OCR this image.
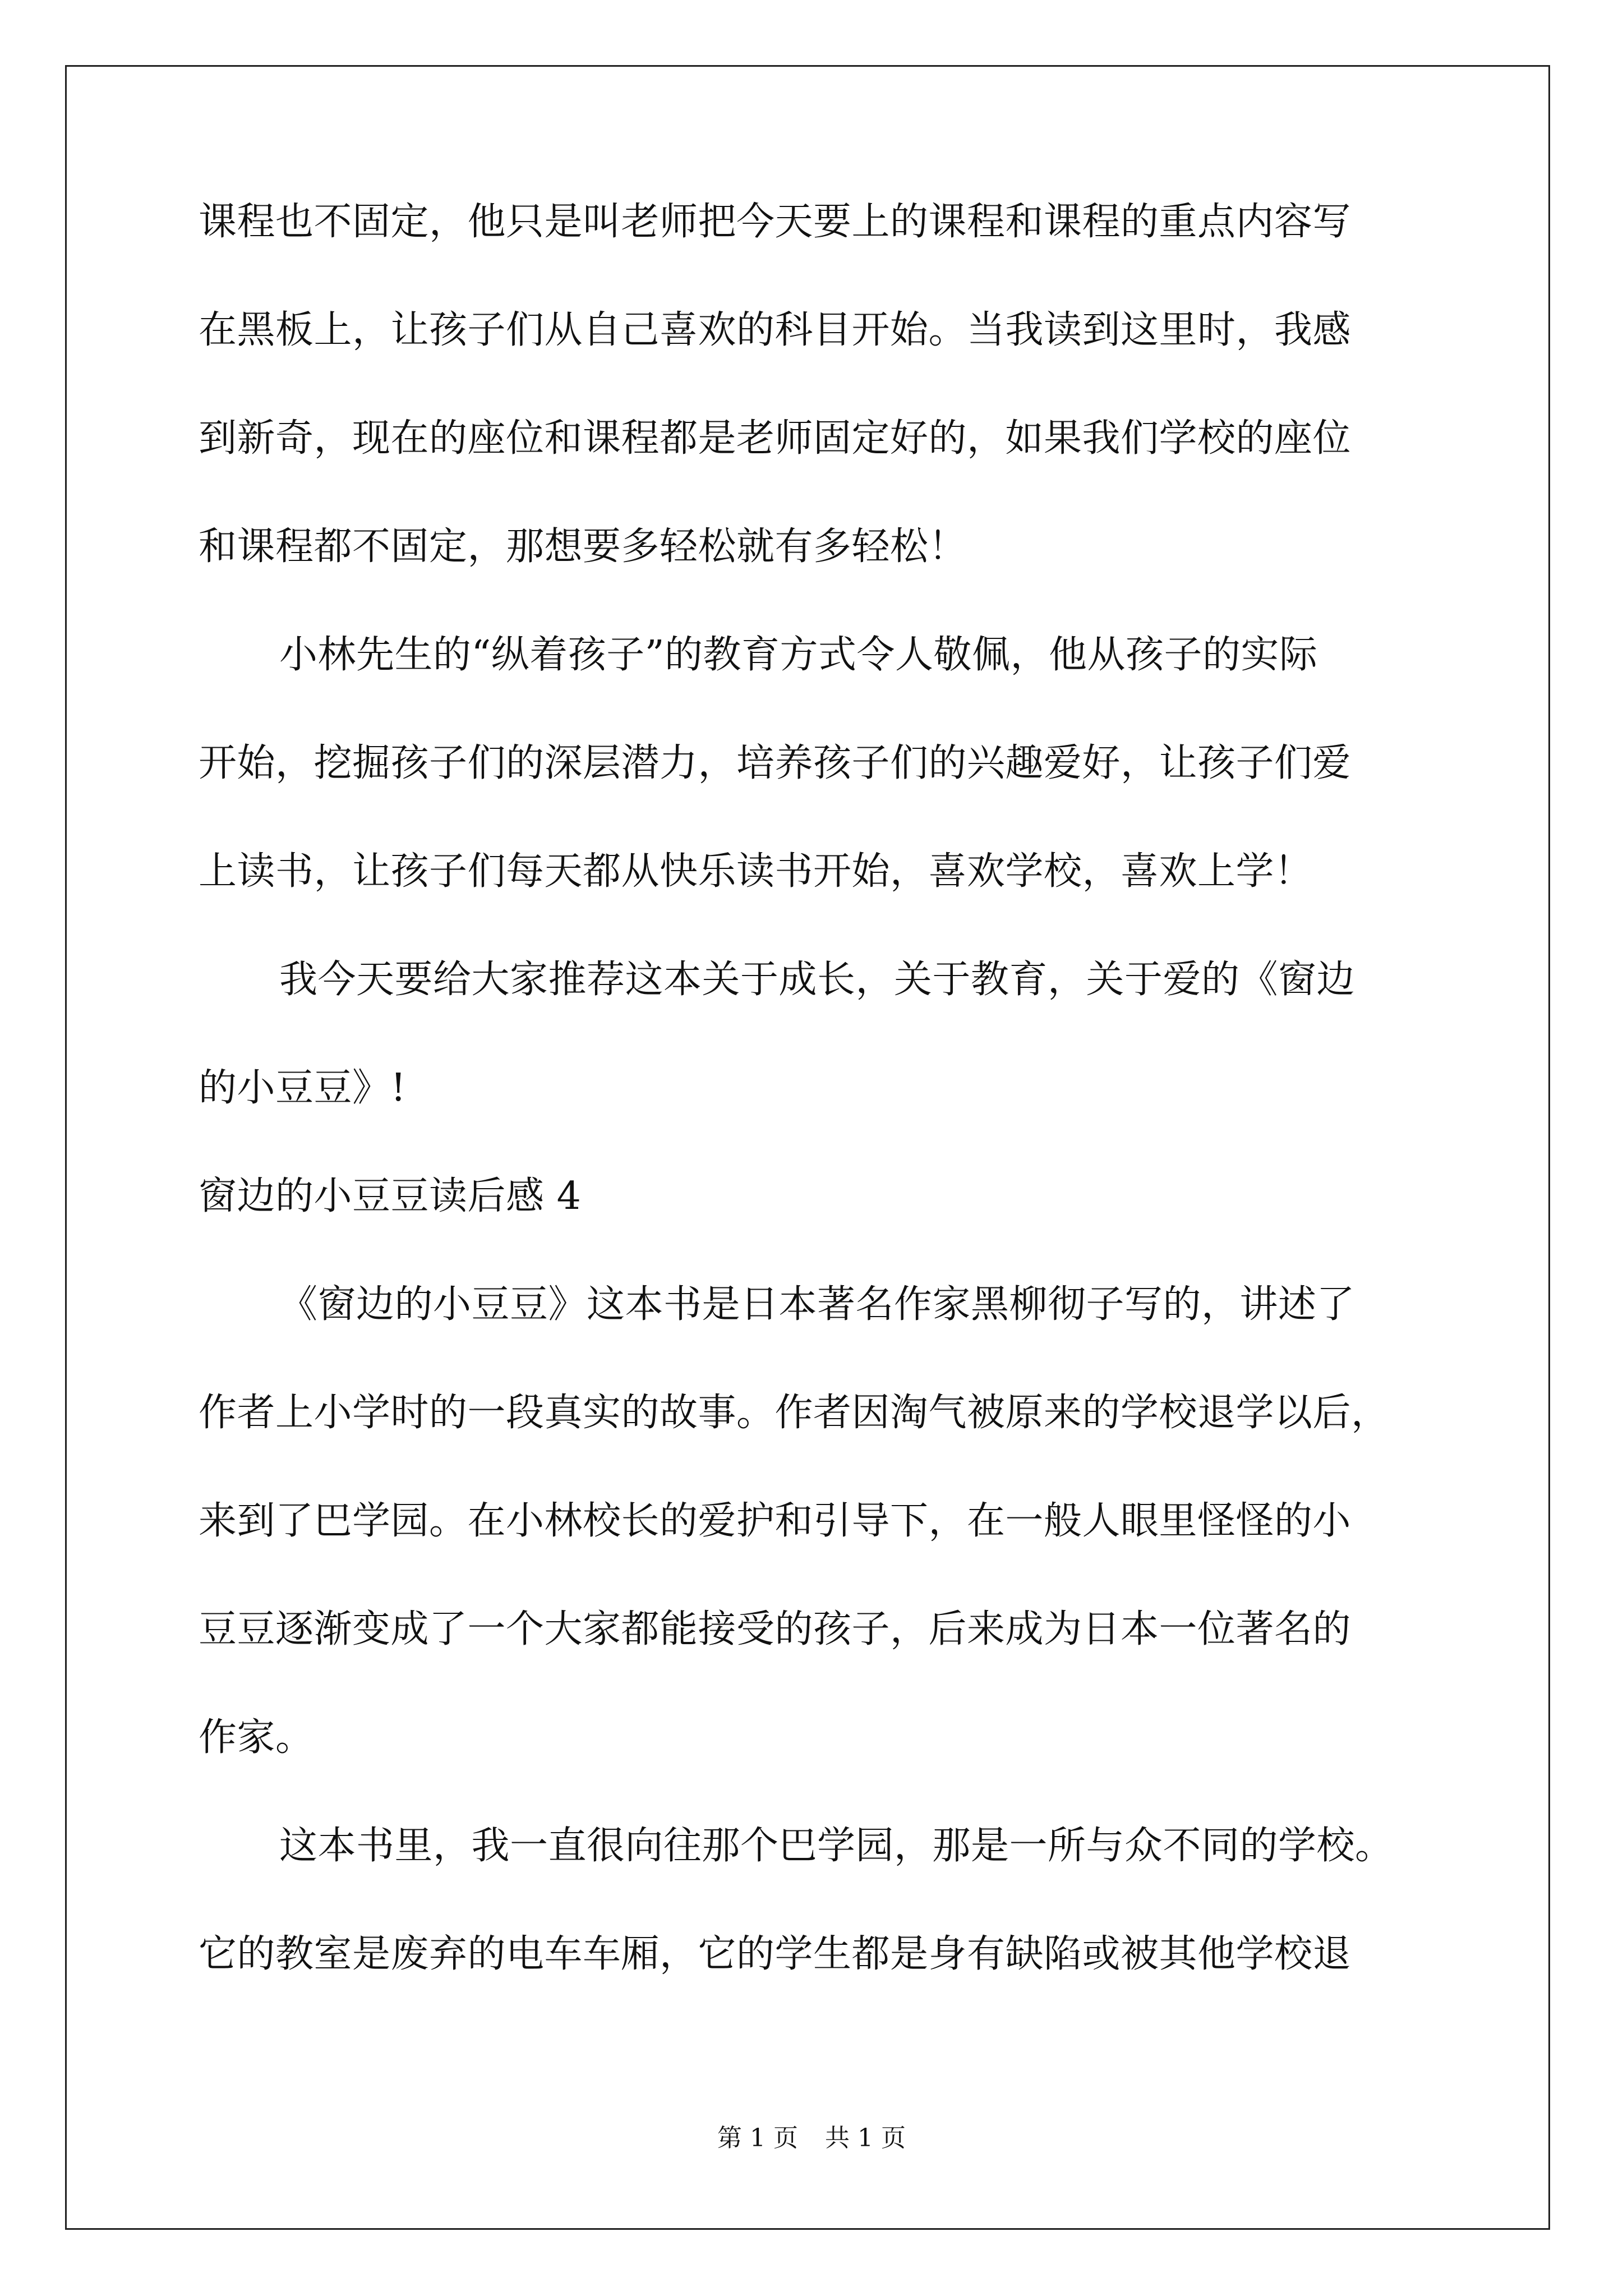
课程也不固定，他只是叫老师把今天要上的课程和课程的重点内容写

在黑板上，让孩子们从自己喜欢的科目开始。当我读到这里时，我感

到新奇，现在的座位和课程都是老师固定好的，如果我们学校的座位

和课程都不固定，那想要多轻松就有多轻松！

小林先生的“纵着孩子”的教育方式令人敬佩，他从孩子的实际

开始，挖掘孩子们的深层潜力，培养孩子们的兴趣爱好，让孩子们爱

上读书，让孩子们每天都从快乐读书开始，喜欢学校，喜欢上学！

我今天要给大家推荐这本关于成长，关于教育，关于爱的《窗边

的小豆豆》!

窗边的小豆豆读后感 4

《窗边的小豆豆》这本书是日本著名作家黑柳彻子写的，讲述了

作者上小学时的一段真实的故事。作者因淘气被原来的学校退学以后，

来到了巴学园。在小林校长的爱护和引导下，在一般人眼里怪怪的小

豆豆逐渐变成了一个大家都能接受的孩子，后来成为日本一位著名的

作家。

这本书里，我一直很向往那个巴学园，那是一所与众不同的学校。

它的教室是废弃的电车车厢，它的学生都是身有缺陷或被其他学校退

第 1 页 共 1 页
